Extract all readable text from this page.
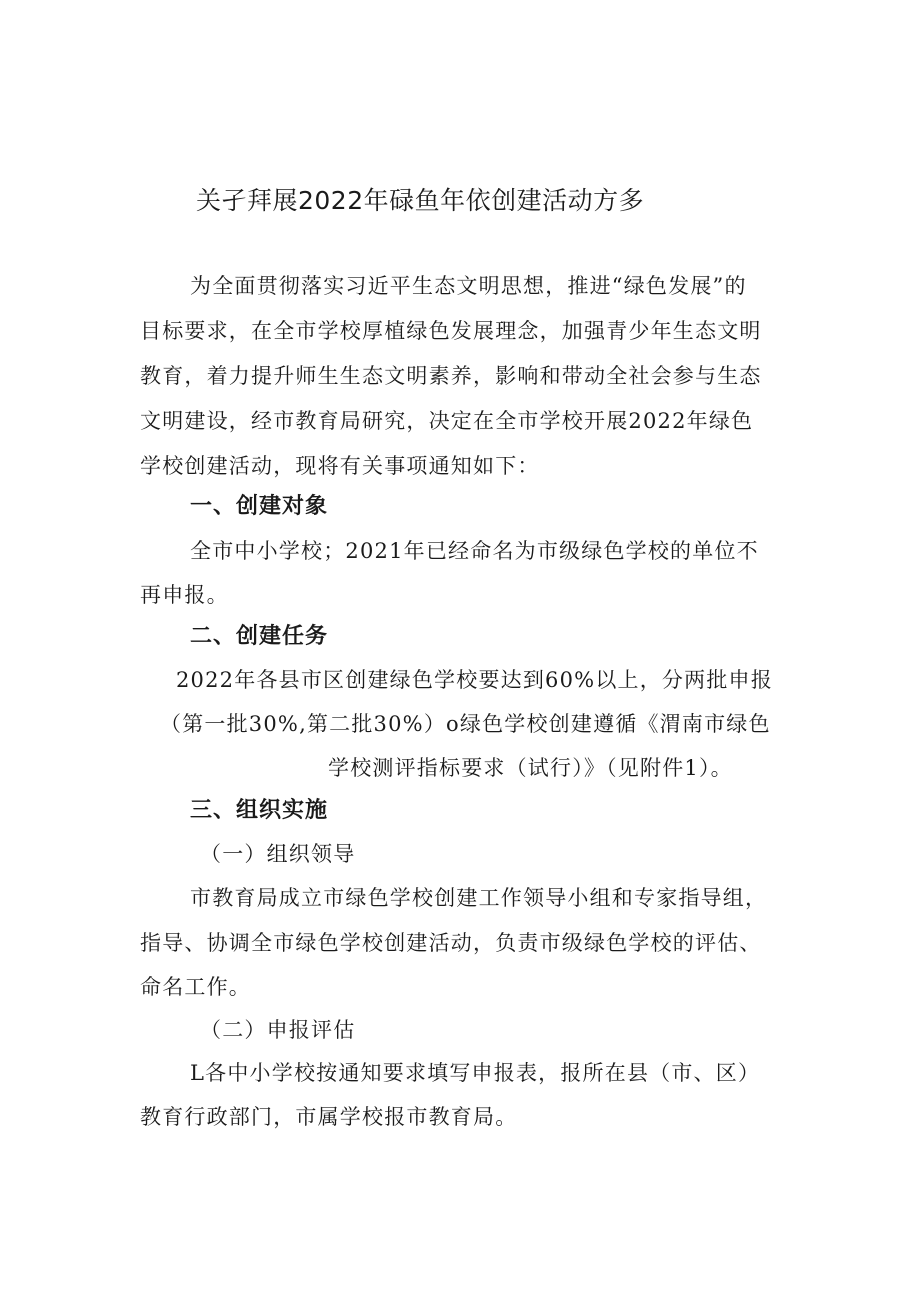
关孑拜展2022年碌鱼年依创建活动方多
为全面贯彻落实习近平生态文明思想，推进“绿色发展”的
目标要求，在全市学校厚植绿色发展理念，加强青少年生态文明
教育，着力提升师生生态文明素养，影响和带动全社会参与生态
文明建设，经市教育局研究，决定在全市学校开展2022年绿色
学校创建活动，现将有关事项通知如下：
一、创建对象
全市中小学校；2021年已经命名为市级绿色学校的单位不
再申报。
二、创建任务
2022年各县市区创建绿色学校要达到60%以上，分两批申报
（第一批30%,第二批30%）o绿色学校创建遵循《渭南市绿色
学校测评指标要求（试行）》（见附件1）。
三、组织实施
（一）组织领导
市教育局成立市绿色学校创建工作领导小组和专家指导组，
指导、协调全市绿色学校创建活动，负责市级绿色学校的评估、
命名工作。
（二）申报评估
L各中小学校按通知要求填写申报表，报所在县（市、区）
教育行政部门，市属学校报市教育局。
